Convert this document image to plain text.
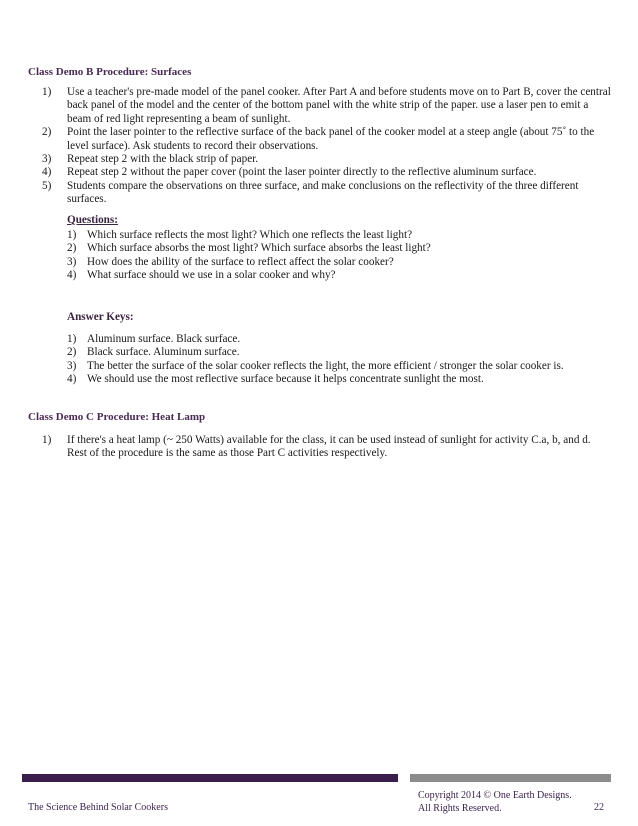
Class Demo B Procedure: Surfaces
1)	Use a teacher's pre-made model of the panel cooker. After Part A and before students move on to Part B, cover the central back panel of the model and the center of the bottom panel with the white strip of the paper. use a laser pen to emit a beam of red light representing a beam of sunlight.
2)	Point the laser pointer to the reflective surface of the back panel of the cooker model at a steep angle (about 75˚ to the level surface). Ask students to record their observations.
3)	Repeat step 2 with the black strip of paper.
4)	Repeat step 2 without the paper cover (point the laser pointer directly to the reflective aluminum surface.
5)	Students compare the observations on three surface, and make conclusions on the reflectivity of the three different surfaces.
Questions:
1) Which surface reflects the most light? Which one reflects the least light?
2) Which surface absorbs the most light? Which surface absorbs the least light?
3) How does the ability of the surface to reflect affect the solar cooker?
4) What surface should we use in a solar cooker and why?
Answer Keys:
1) Aluminum surface. Black surface.
2) Black surface. Aluminum surface.
3) The better the surface of the solar cooker reflects the light, the more efficient / stronger the solar cooker is.
4) We should use the most reflective surface because it helps concentrate sunlight the most.
Class Demo C Procedure: Heat Lamp
1)	If there's a heat lamp (~ 250 Watts) available for the class, it can be used instead of sunlight for activity C.a, b, and d. Rest of the procedure is the same as those Part C activities respectively.
The Science Behind Solar Cookers
Copyright 2014 © One Earth Designs.
All Rights Reserved.	22
